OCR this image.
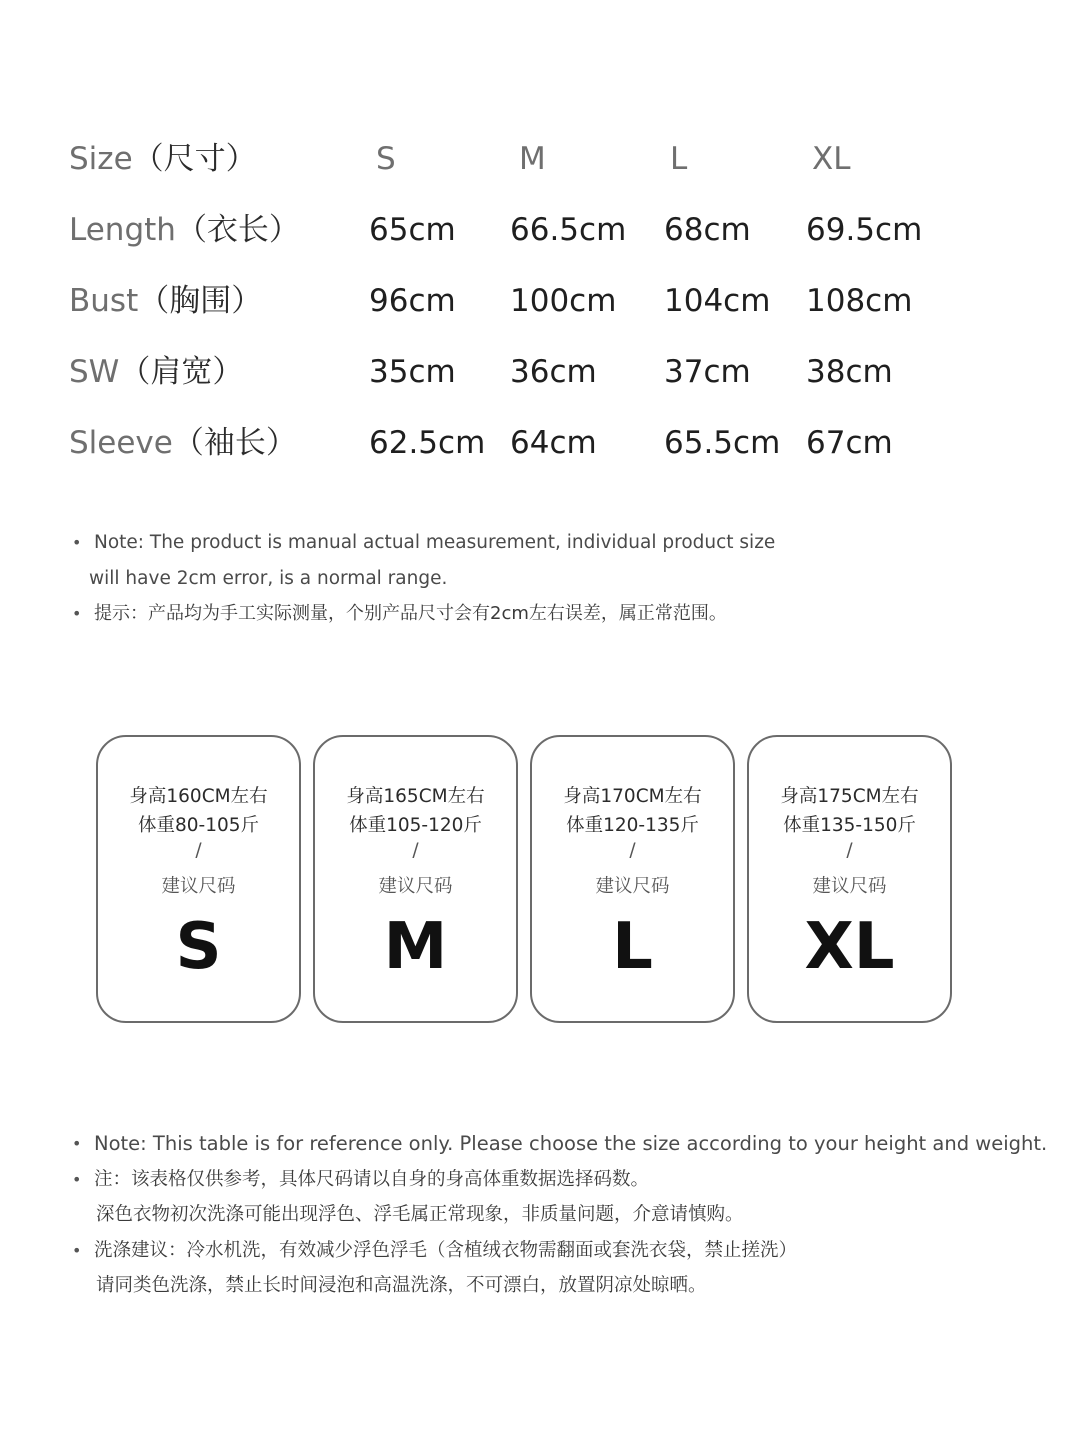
Size（尺寸）	S	M	L	XL
Length（衣长） 65cm 66.5cm 68cm 69.5cm
Bust（胸围）	96cm 100cm 104cm 108cm
SW（肩宽）	35cm 36cm 37cm 38cm
Sleeve（袖长） 62.5cm 64cm 65.5cm 67cm
• Note: The product is manual actual measurement, individual product size
will have 2cm error, is a normal range.
• 提示：产品均为手工实际测量，个别产品尺寸会有2cm左右误差，属正常范围。
身高160CM左右
体重80-105斤
/
建议尺码
S
身高165CM左右
体重105-120斤
/
建议尺码
M
身高170CM左右
体重120-135斤
/
建议尺码
L
身高175CM左右
体重135-150斤
/
建议尺码
XL
• Note: This table is for reference only. Please choose the size according to your height and weight.
• 注：该表格仅供参考，具体尺码请以自身的身高体重数据选择码数。
深色衣物初次洗涤可能出现浮色、浮毛属正常现象，非质量问题，介意请慎购。
• 洗涤建议：冷水机洗，有效减少浮色浮毛（含植绒衣物需翻面或套洗衣袋，禁止搓洗）
请同类色洗涤，禁止长时间浸泡和高温洗涤，不可漂白，放置阴凉处晾晒。
